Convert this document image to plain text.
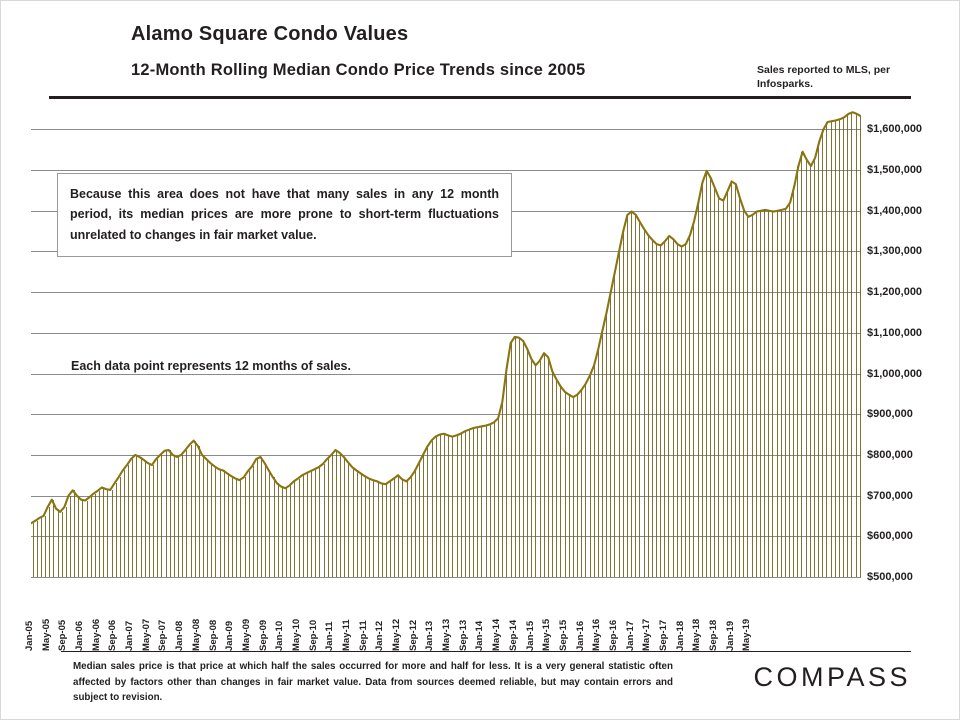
Alamo Square Condo Values
12-Month Rolling Median Condo Price Trends since 2005	Sales reported to MLS, per Infosparks.
$1,600,000
$1,500,000
$1,400,000
$1,300,000
$1,200,000
$1,100,000
$1,000,000
$900,000
$800,000
$700,000
$600,000
$500,000
Jan-05 May-05 Sep-05 Jan-06 May-06 Sep-06 Jan-07 May-07 Sep-07 Jan-08 May-08 Sep-08 Jan-09 May-09 Sep-09 Jan-10 May-10 Sep-10 Jan-11 May-11 Sep-11 Jan-12 May-12 Sep-12 Jan-13 May-13 Sep-13 Jan-14 May-14 Sep-14 Jan-15 May-15 Sep-15 Jan-16 May-16 Sep-16 Jan-17 May-17 Sep-17 Jan-18 May-18 Sep-18 Jan-19 May-19
Because this area does not have that many sales in any 12 month period, its median prices are more prone to short-term fluctuations unrelated to changes in fair market value.
Each data point represents 12 months of sales.
Median sales price is that price at which half the sales occurred for more and half for less. It is a very general statistic often affected by factors other than changes in fair market value. Data from sources deemed reliable, but may contain errors and subject to revision.
COMPASS
